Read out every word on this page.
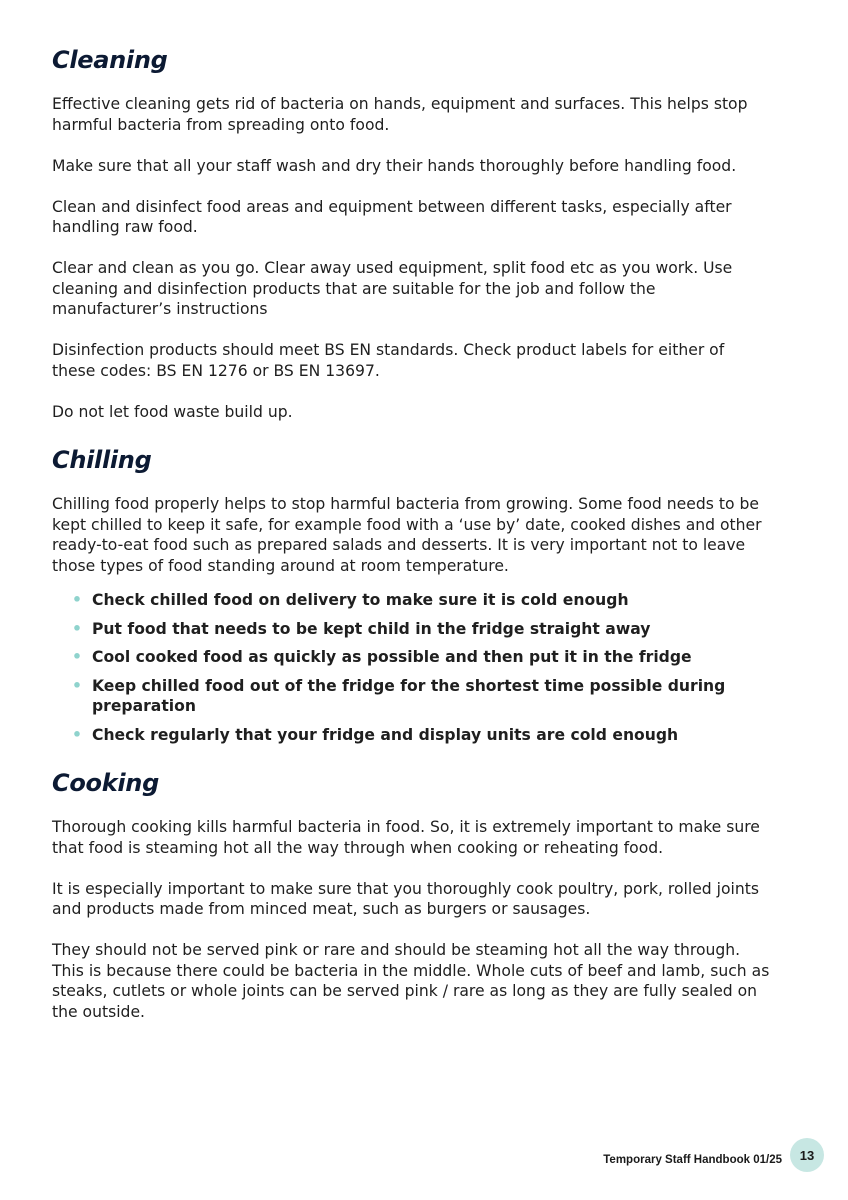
Cleaning

Effective cleaning gets rid of bacteria on hands, equipment and surfaces. This helps stop harmful bacteria from spreading onto food.

Make sure that all your staff wash and dry their hands thoroughly before handling food.

Clean and disinfect food areas and equipment between different tasks, especially after handling raw food.

Clear and clean as you go. Clear away used equipment, split food etc as you work. Use cleaning and disinfection products that are suitable for the job and follow the manufacturer’s instructions

Disinfection products should meet BS EN standards. Check product labels for either of these codes: BS EN 1276 or BS EN 13697.

Do not let food waste build up.

Chilling

Chilling food properly helps to stop harmful bacteria from growing. Some food needs to be kept chilled to keep it safe, for example food with a ‘use by’ date, cooked dishes and other ready-to-eat food such as prepared salads and desserts. It is very important not to leave those types of food standing around at room temperature.

• Check chilled food on delivery to make sure it is cold enough
• Put food that needs to be kept child in the fridge straight away
• Cool cooked food as quickly as possible and then put it in the fridge
• Keep chilled food out of the fridge for the shortest time possible during preparation
• Check regularly that your fridge and display units are cold enough
Cooking

Thorough cooking kills harmful bacteria in food. So, it is extremely important to make sure that food is steaming hot all the way through when cooking or reheating food.

It is especially important to make sure that you thoroughly cook poultry, pork, rolled joints and products made from minced meat, such as burgers or sausages.

They should not be served pink or rare and should be steaming hot all the way through. This is because there could be bacteria in the middle. Whole cuts of beef and lamb, such as steaks, cutlets or whole joints can be served pink / rare as long as they are fully sealed on the outside.

Temporary Staff Handbook 01/25	13
